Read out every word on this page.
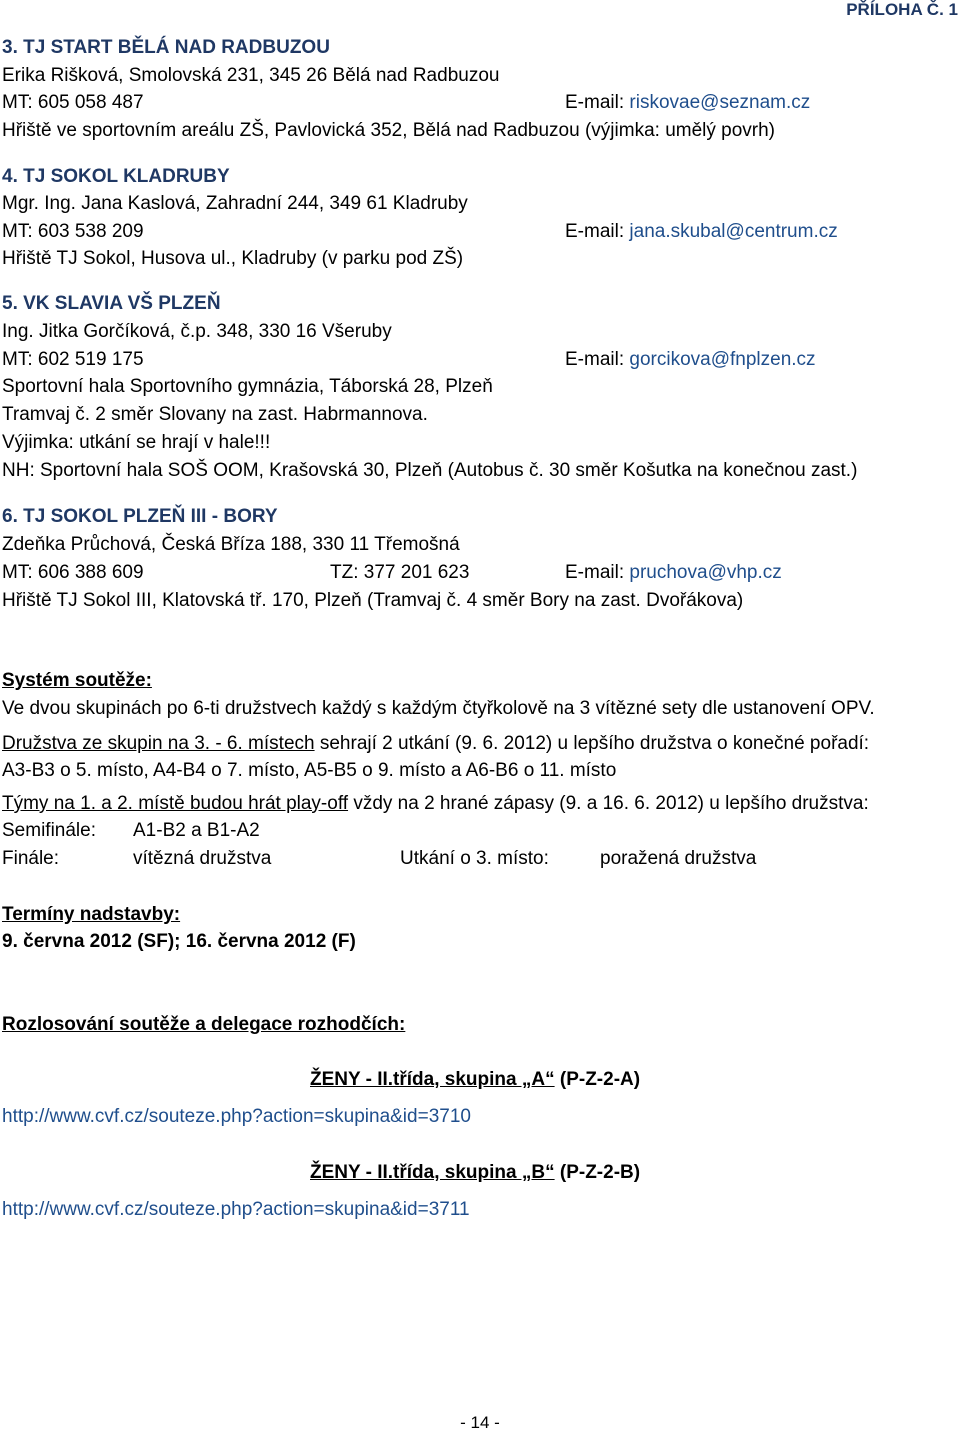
PŘÍLOHA Č. 1
3. TJ START BĚLÁ NAD RADBUZOU
Erika Rišková, Smolovská 231, 345 26 Bělá nad Radbuzou
MT: 605 058 487	E-mail: riskovae@seznam.cz
Hřiště ve sportovním areálu ZŠ, Pavlovická 352, Bělá nad Radbuzou (výjimka: umělý povrh)
4. TJ SOKOL KLADRUBY
Mgr. Ing. Jana Kaslová, Zahradní 244, 349 61 Kladruby
MT: 603 538 209	E-mail: jana.skubal@centrum.cz
Hřiště TJ Sokol, Husova ul., Kladruby (v parku pod ZŠ)
5. VK SLAVIA VŠ PLZEŇ
Ing. Jitka Gorčíková, č.p. 348, 330 16 Všeruby
MT: 602 519 175	E-mail: gorcikova@fnplzen.cz
Sportovní hala Sportovního gymnázia, Táborská 28, Plzeň
Tramvaj č. 2 směr Slovany na zast. Habrmannova.
Výjimka: utkání se hrají v hale!!!
NH: Sportovní hala SOŠ OOM, Krašovská 30, Plzeň (Autobus č. 30 směr Košutka na konečnou zast.)
6. TJ SOKOL PLZEŇ III - BORY
Zdeňka Průchová, Česká Bříza 188, 330 11 Třemošná
MT: 606 388 609	TZ: 377 201 623	E-mail: pruchova@vhp.cz
Hřiště TJ Sokol III, Klatovská tř. 170, Plzeň (Tramvaj č. 4 směr Bory na zast. Dvořákova)
Systém soutěže:
Ve dvou skupinách po 6-ti družstvech každý s každým čtyřkolově na 3 vítězné sety dle ustanovení OPV.
Družstva ze skupin na 3. - 6. místech sehrají 2 utkání (9. 6. 2012) u lepšího družstva o konečné pořadí:
A3-B3 o 5. místo, A4-B4 o 7. místo, A5-B5 o 9. místo a A6-B6 o 11. místo
Týmy na 1. a 2. místě budou hrát play-off vždy na 2 hrané zápasy (9. a 16. 6. 2012) u lepšího družstva:
Semifinále: A1-B2 a B1-A2
Finále:	vítězná družstva	Utkání o 3. místo:	poražená družstva
Termíny nadstavby:
9. června 2012 (SF); 16. června 2012 (F)
Rozlosování soutěže a delegace rozhodčích:
ŽENY - II.třída, skupina „A“ (P-Z-2-A)
http://www.cvf.cz/souteze.php?action=skupina&id=3710
ŽENY - II.třída, skupina „B“ (P-Z-2-B)
http://www.cvf.cz/souteze.php?action=skupina&id=3711
- 14 -
